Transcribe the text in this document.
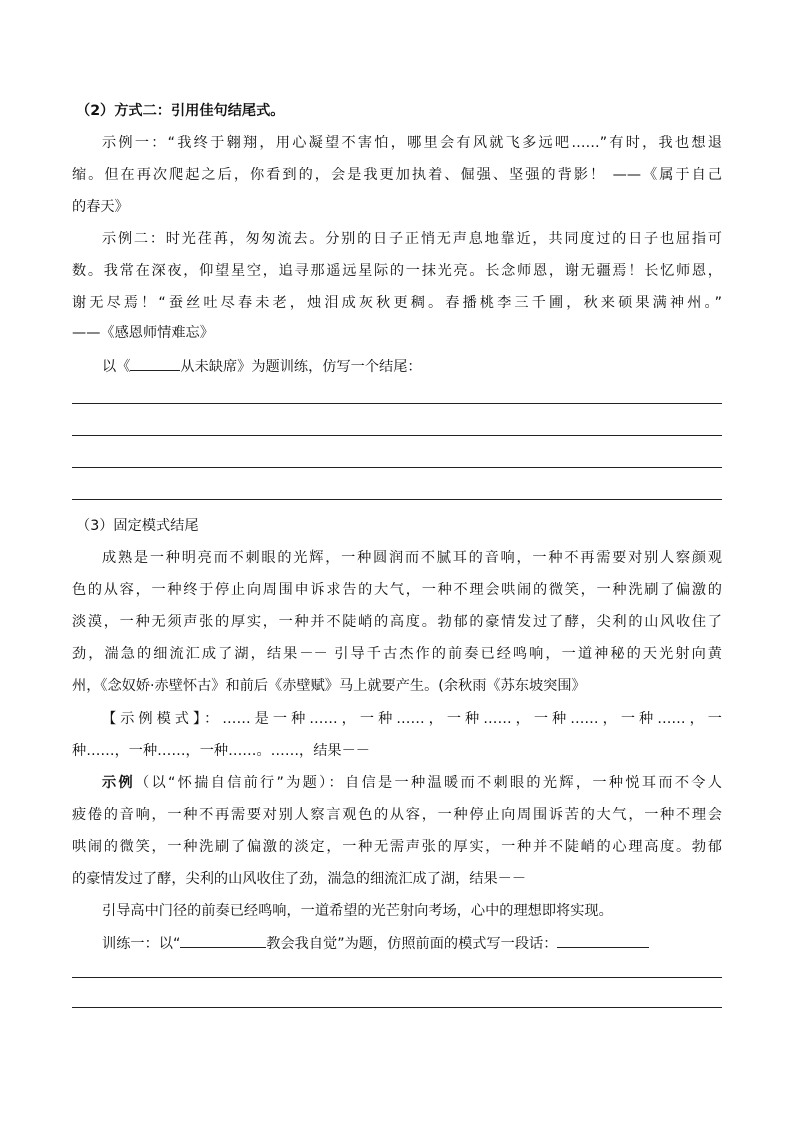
（2）方式二：引用佳句结尾式。
示例一：“我终于翱翔，用心凝望不害怕，哪里会有风就飞多远吧……”有时，我也想退
缩。但在再次爬起之后，你看到的，会是我更加执着、倔强、坚强的背影！ ——《属于自己
的春天》
示例二：时光荏苒，匆匆流去。分别的日子正悄无声息地靠近，共同度过的日子也屈指可
数。我常在深夜，仰望星空，追寻那遥远星际的一抹光亮。长念师恩，谢无疆焉！长忆师恩，
谢无尽焉！“蚕丝吐尽春未老，烛泪成灰秋更稠。春播桃李三千圃，秋来硕果满神州。”
——《感恩师情难忘》
以《	从未缺席》为题训练，仿写一个结尾：
（3）固定模式结尾
成熟是一种明亮而不刺眼的光辉，一种圆润而不腻耳的音响，一种不再需要对别人察颜观
色的从容，一种终于停止向周围申诉求告的大气，一种不理会哄闹的微笑，一种洗刷了偏激的
淡漠，一种无须声张的厚实，一种并不陡峭的高度。勃郁的豪情发过了酵，尖利的山风收住了
劲，湍急的细流汇成了湖，结果－－ 引导千古杰作的前奏已经鸣响，一道神秘的天光射向黄
州，《念奴娇·赤壁怀古》和前后《赤壁赋》马上就要产生。(余秋雨《苏东坡突围》
【示例模式】：……是一种……，一种……，一种……，一种……，一种……，一
种……，一种……，一种……。……，结果－－
示例（以“怀揣自信前行”为题）：自信是一种温暖而不刺眼的光辉，一种悦耳而不令人
疲倦的音响，一种不再需要对别人察言观色的从容，一种停止向周围诉苦的大气，一种不理会
哄闹的微笑，一种洗刷了偏激的淡定，一种无需声张的厚实，一种并不陡峭的心理高度。勃郁
的豪情发过了酵，尖利的山风收住了劲，湍急的细流汇成了湖，结果－－
引导高中门径的前奏已经鸣响，一道希望的光芒射向考场，心中的理想即将实现。
训练一：以“	教会我自觉”为题，仿照前面的模式写一段话：
